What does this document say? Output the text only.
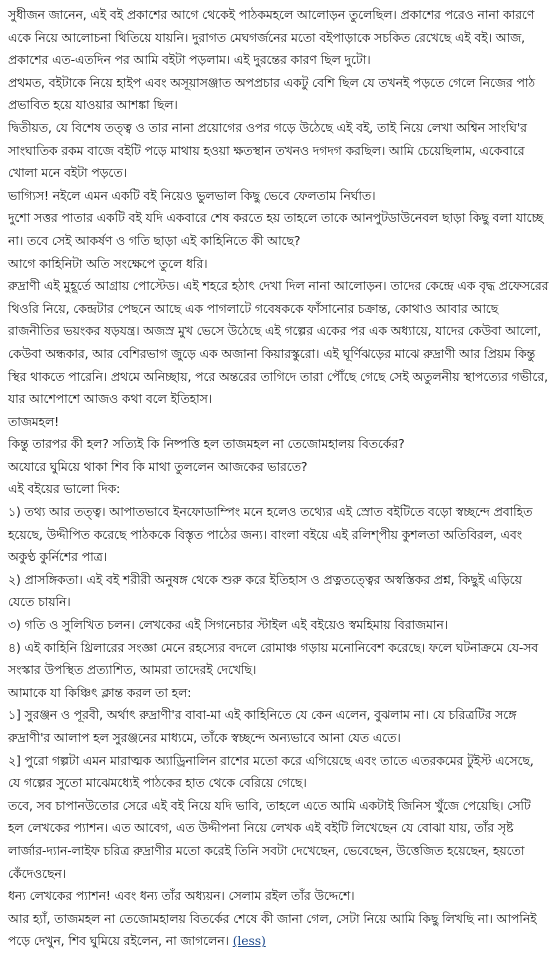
সুধীজন জানেন, এই বই প্রকাশের আগে থেকেই পাঠকমহলে আলোড়ন তুলেছিল। প্রকাশের পরেও নানা কারণে একে নিয়ে আলোচনা থিতিয়ে যায়নি। দুরাগত মেঘগর্জনের মতো বইপাড়াকে সচকিত রেখেছে এই বই। আজ, প্রকাশের এত-এতদিন পর আমি বইটা পড়লাম। এই দুরন্তের কারণ ছিল দুটো।

প্রথমত, বইটাকে নিয়ে হাইপ এবং অসূয়াসঞ্জাত অপপ্রচার একটু বেশি ছিল যে তখনই পড়তে গেলে নিজের পাঠ প্রভাবিত হয়ে যাওয়ার আশঙ্কা ছিল।

দ্বিতীয়ত, যে বিশেষ তত্ত্ব ও তার নানা প্রয়োগের ওপর গড়ে উঠেছে এই বই, তাই নিয়ে লেখা অশ্বিন সাংঘি'র সাংঘাতিক রকম বাজে বইটি পড়ে মাথায় হওয়া ক্ষতস্থান তখনও দগদগ করছিল। আমি চেয়েছিলাম, একেবারে খোলা মনে বইটা পড়তে।

ভাগ্যিস! নইলে এমন একটি বই নিয়েও ভুলভাল কিছু ভেবে ফেলতাম নির্ঘাত।

দুশো সত্তর পাতার একটি বই যদি একবারে শেষ করতে হয় তাহলে তাকে আনপুটডাউনেবল ছাড়া কিছু বলা যাচ্ছে না। তবে সেই আকর্ষণ ও গতি ছাড়া এই কাহিনিতে কী আছে?

আগে কাহিনিটা অতি সংক্ষেপে তুলে ধরি।

রুদ্রাণী এই মুহূর্তে আগ্রায় পোস্টেড। এই শহরে হঠাৎ দেখা দিল নানা আলোড়ন। তাদের কেন্দ্রে এক বৃদ্ধ প্রফেসরের থিওরি নিয়ে, কেন্দ্রটার পেছনে আছে এক পাগলাটে গবেষককে ফাঁসানোর চক্রান্ত, কোথাও আবার আছে রাজনীতির ভয়ংকর ষড়যন্ত্র। অজস্র মুখ ভেসে উঠেছে এই গল্পের একের পর এক অধ্যায়ে, যাদের কেউবা আলো, কেউবা অন্ধকার, আর বেশিরভাগ জুড়ে এক অজানা কিয়ারস্কুরো। এই ঘূর্ণিঝড়ের মাঝে রুদ্রাণী আর প্রিয়ম কিন্তু স্থির থাকতে পারেনি। প্রথমে অনিচ্ছায়, পরে অন্তরের তাগিদে তারা পৌঁছে গেছে সেই অতুলনীয় স্থাপত্যের গভীরে, যার আশেপাশে আজও কথা বলে ইতিহাস।

তাজমহল!

কিন্তু তারপর কী হল? সত্যিই কি নিষ্পত্তি হল তাজমহল না তেজোমহালয় বিতর্কের?

অযোরে ঘুমিয়ে থাকা শিব কি মাথা তুললেন আজকের ভারতে?

এই বইয়ের ভালো দিক:

১) তথ্য আর তত্ত্ব। আপাতভাবে ইনফোডাম্পিং মনে হলেও তথ্যের এই স্রোত বইটিতে বড়ো স্বচ্ছন্দে প্রবাহিত হয়েছে, উদ্দীপিত করেছে পাঠককে বিস্তৃত পাঠের জন্য। বাংলা বইয়ে এই রলিশ্পীয় কুশলতা অতিবিরল, এবং অকুণ্ঠ কুর্নিশের পাত্র।

২) প্রাসঙ্গিকতা। এই বই শরীরী অনুষঙ্গ থেকে শুরু করে ইতিহাস ও প্রত্নতত্ত্বের অস্বস্তিকর প্রশ্ন, কিছুই এড়িয়ে যেতে চায়নি।

৩) গতি ও সুলিখিত চলন। লেখকের এই সিগনেচার স্টাইল এই বইয়েও স্বমহিমায় বিরাজমান।

৪) এই কাহিনি থ্রিলারের সংজ্ঞা মেনে রহস্যের বদলে রোমাঞ্চ গড়ায় মনোনিবেশ করেছে। ফলে ঘটনাক্রমে যে-সব সংস্কার উপস্থিত প্রত্যাশিত, আমরা তাদেরই দেখেছি।

আমাকে যা কিঞ্চিৎ ক্লান্ত করল তা হল:

১] সুরঞ্জন ও পূরবী, অর্থাৎ রুদ্রাণী'র বাবা-মা এই কাহিনিতে যে কেন এলেন, বুঝলাম না। যে চরিত্রটির সঙ্গে রুদ্রাণী'র আলাপ হল সুরঞ্জনের মাধ্যমে, তাঁকে স্বচ্ছন্দে অন্যভাবে আনা যেত এতে।

২] পুরো গল্পটা এমন মারাত্মক অ্যাড্রিনালিন রাশের মতো করে এগিয়েছে এবং তাতে এতরকমের টুইস্ট এসেছে, যে গল্পের সুতো মাঝেমধ্যেই পাঠকের হাত থেকে বেরিয়ে গেছে।

তবে, সব চাপানউতোর সেরে এই বই নিয়ে যদি ভাবি, তাহলে এতে আমি একটাই জিনিস খুঁজে পেয়েছি। সেটি হল লেখকের প্যাশন। এত আবেগ, এত উদ্দীপনা নিয়ে লেখক এই বইটি লিখেছেন যে বোঝা যায়, তাঁর সৃষ্ট লার্জার-দ্যান-লাইফ চরিত্র রুদ্রাণীর মতো করেই তিনি সবটা দেখেছেন, ভেবেছেন, উত্তেজিত হয়েছেন, হয়তো কেঁদেওছেন।

ধন্য লেখকের প্যাশন! এবং ধন্য তাঁর অধ্যয়ন। সেলাম রইল তাঁর উদ্দেশে।

আর হ্যাঁ, তাজমহল না তেজোমহালয় বিতর্কের শেষে কী জানা গেল, সেটা নিয়ে আমি কিছু লিখছি না। আপনিই পড়ে দেখুন, শিব ঘুমিয়ে রইলেন, না জাগলেন। (less)
